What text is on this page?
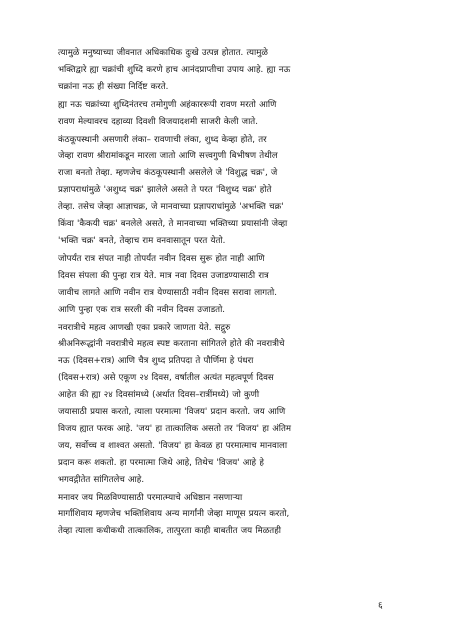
त्यामुळे मनुष्याच्या जीवनात अधिकाधिक दुःखे उत्पन्न होतात. त्यामुळे
भक्तिद्वारे ह्या चक्रांची शुध्दि करणे हाच आनंदप्राप्तीचा उपाय आहे. ह्या नऊ
चक्रांना नऊ ही संख्या निर्दिष्ट करते.
ह्या नऊ चक्रांच्या शुध्दिनंतरच तमोगुणी अहंकाररूपी रावण मरतो आणि
रावण मेल्यावरच दहाव्या दिवशी विजयादशमी साजरी केली जाते.
कंठकूपस्थानी असणारी लंका– रावणाची लंका, शुध्द केव्हा होते, तर
जेव्हा रावण श्रीरामांकडून मारला जातो आणि सत्त्वगुणी बिभीषण तेथील
राजा बनतो तेव्हा. म्हणजेच कंठकूपस्थानी असलेले जे 'विशुद्ध चक्र', जे
प्रज्ञापराधांमुळे 'अशुध्द चक्र' झालेले असते ते परत 'विशुध्द चक्र' होते
तेव्हा. तसेच जेव्हा आज्ञाचक्र, जे मानवाच्या प्रज्ञापराधांमुळे 'अभक्ति चक्र'
किंवा 'कैकयी चक्र' बनलेले असते, ते मानवाच्या भक्तिच्या प्रयासांनी जेव्हा
'भक्ति चक्र' बनते, तेव्हाच राम वनवासातून परत येतो.
जोपर्यंत रात्र संपत नाही तोपर्यंत नवीन दिवस सुरू होत नाही आणि
दिवस संपला की पुन्हा रात्र येते. मात्र नवा दिवस उजाडण्यासाठी रात्र
जावीच लागते आणि नवीन रात्र येण्यासाठी नवीन दिवस सरावा लागतो.
आणि पुन्हा एक रात्र सरली की नवीन दिवस उजाडतो.
नवरात्रीचे महत्व आणखी एका प्रकारे जाणता येते. सद्गुरु
श्रीअनिरूद्धांनी नवरात्रीचे महत्व स्पष्ट करताना सांगितले होते की नवरात्रीचे
नऊ (दिवस+रात्र) आणि चैत्र शुध्द प्रतिपदा ते पौर्णिमा हे पंधरा
(दिवस+रात्र) असे एकूण २४ दिवस, वर्षातील अत्यंत महत्वपूर्ण दिवस
आहेत की ह्या २४ दिवसांमध्ये (अर्थात दिवस–रात्रींमध्ये) जो कुणी
जयासाठी प्रयास करतो, त्याला परमात्मा 'विजय' प्रदान करतो. जय आणि
विजय ह्यात फरक आहे. 'जय' हा तात्कालिक असतो तर 'विजय' हा अंतिम
जय, सर्वोच्च व शाश्वत असतो. 'विजय' हा केवळ हा परमात्माच मानवाला
प्रदान करू शकतो. हा परमात्मा जिथे आहे, तिथेच 'विजय' आहे हे
भगवद्गीतेत सांगितलेच आहे.
मनावर जय मिळविण्यासाठी परमात्म्याचे अधिष्ठान नसणाऱ्या
मार्गांशिवाय म्हणजेच भक्तिशिवाय अन्य मार्गांनी जेव्हा माणूस प्रयत्न करतो,
तेव्हा त्याला कधीकधी तात्कालिक, तात्पुरता काही बाबतीत जय मिळतही
६
